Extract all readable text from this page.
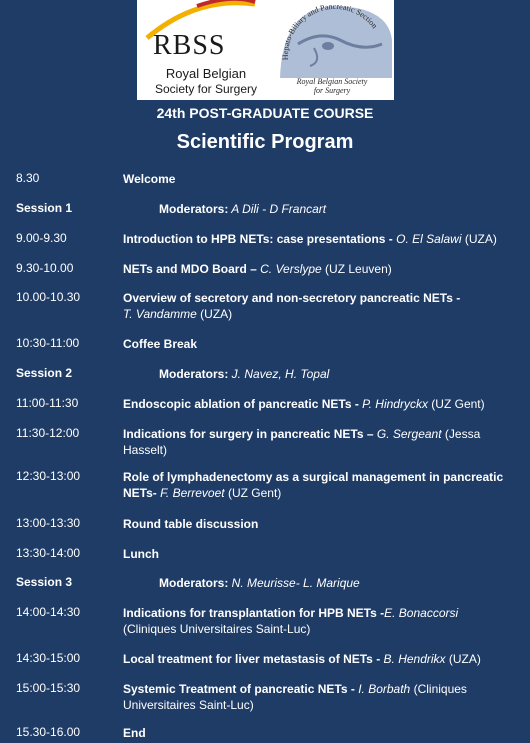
RBSS
Royal Belgian
Society for Surgery
Hepato-Biliary and Pancreatic Section
Royal Belgian Society
for Surgery
24th POST-GRADUATE COURSE
Scientific Program
8.30	Welcome
Session 1	Moderators: A Dili - D Francart
9.00-9.30	Introduction to HPB NETs: case presentations - O. El Salawi (UZA)
9.30-10.00	NETs and MDO Board – C. Verslype (UZ Leuven)
10.00-10.30	Overview of secretory and non-secretory pancreatic NETs -
T. Vandamme (UZA)
10:30-11:00	Coffee Break
Session 2	Moderators: J. Navez, H. Topal
11:00-11:30	Endoscopic ablation of pancreatic NETs - P. Hindryckx (UZ Gent)
11:30-12:00	Indications for surgery in pancreatic NETs – G. Sergeant (Jessa Hasselt)
12:30-13:00	Role of lymphadenectomy as a surgical management in pancreatic NETs- F. Berrevoet (UZ Gent)
13:00-13:30	Round table discussion
13:30-14:00	Lunch
Session 3	Moderators: N. Meurisse- L. Marique
14:00-14:30	Indications for transplantation for HPB NETs -E. Bonaccorsi
(Cliniques Universitaires Saint-Luc)
14:30-15:00	Local treatment for liver metastasis of NETs - B. Hendrikx (UZA)
15:00-15:30	Systemic Treatment of pancreatic NETs - I. Borbath (Cliniques Universitaires Saint-Luc)
15.30-16.00	End
